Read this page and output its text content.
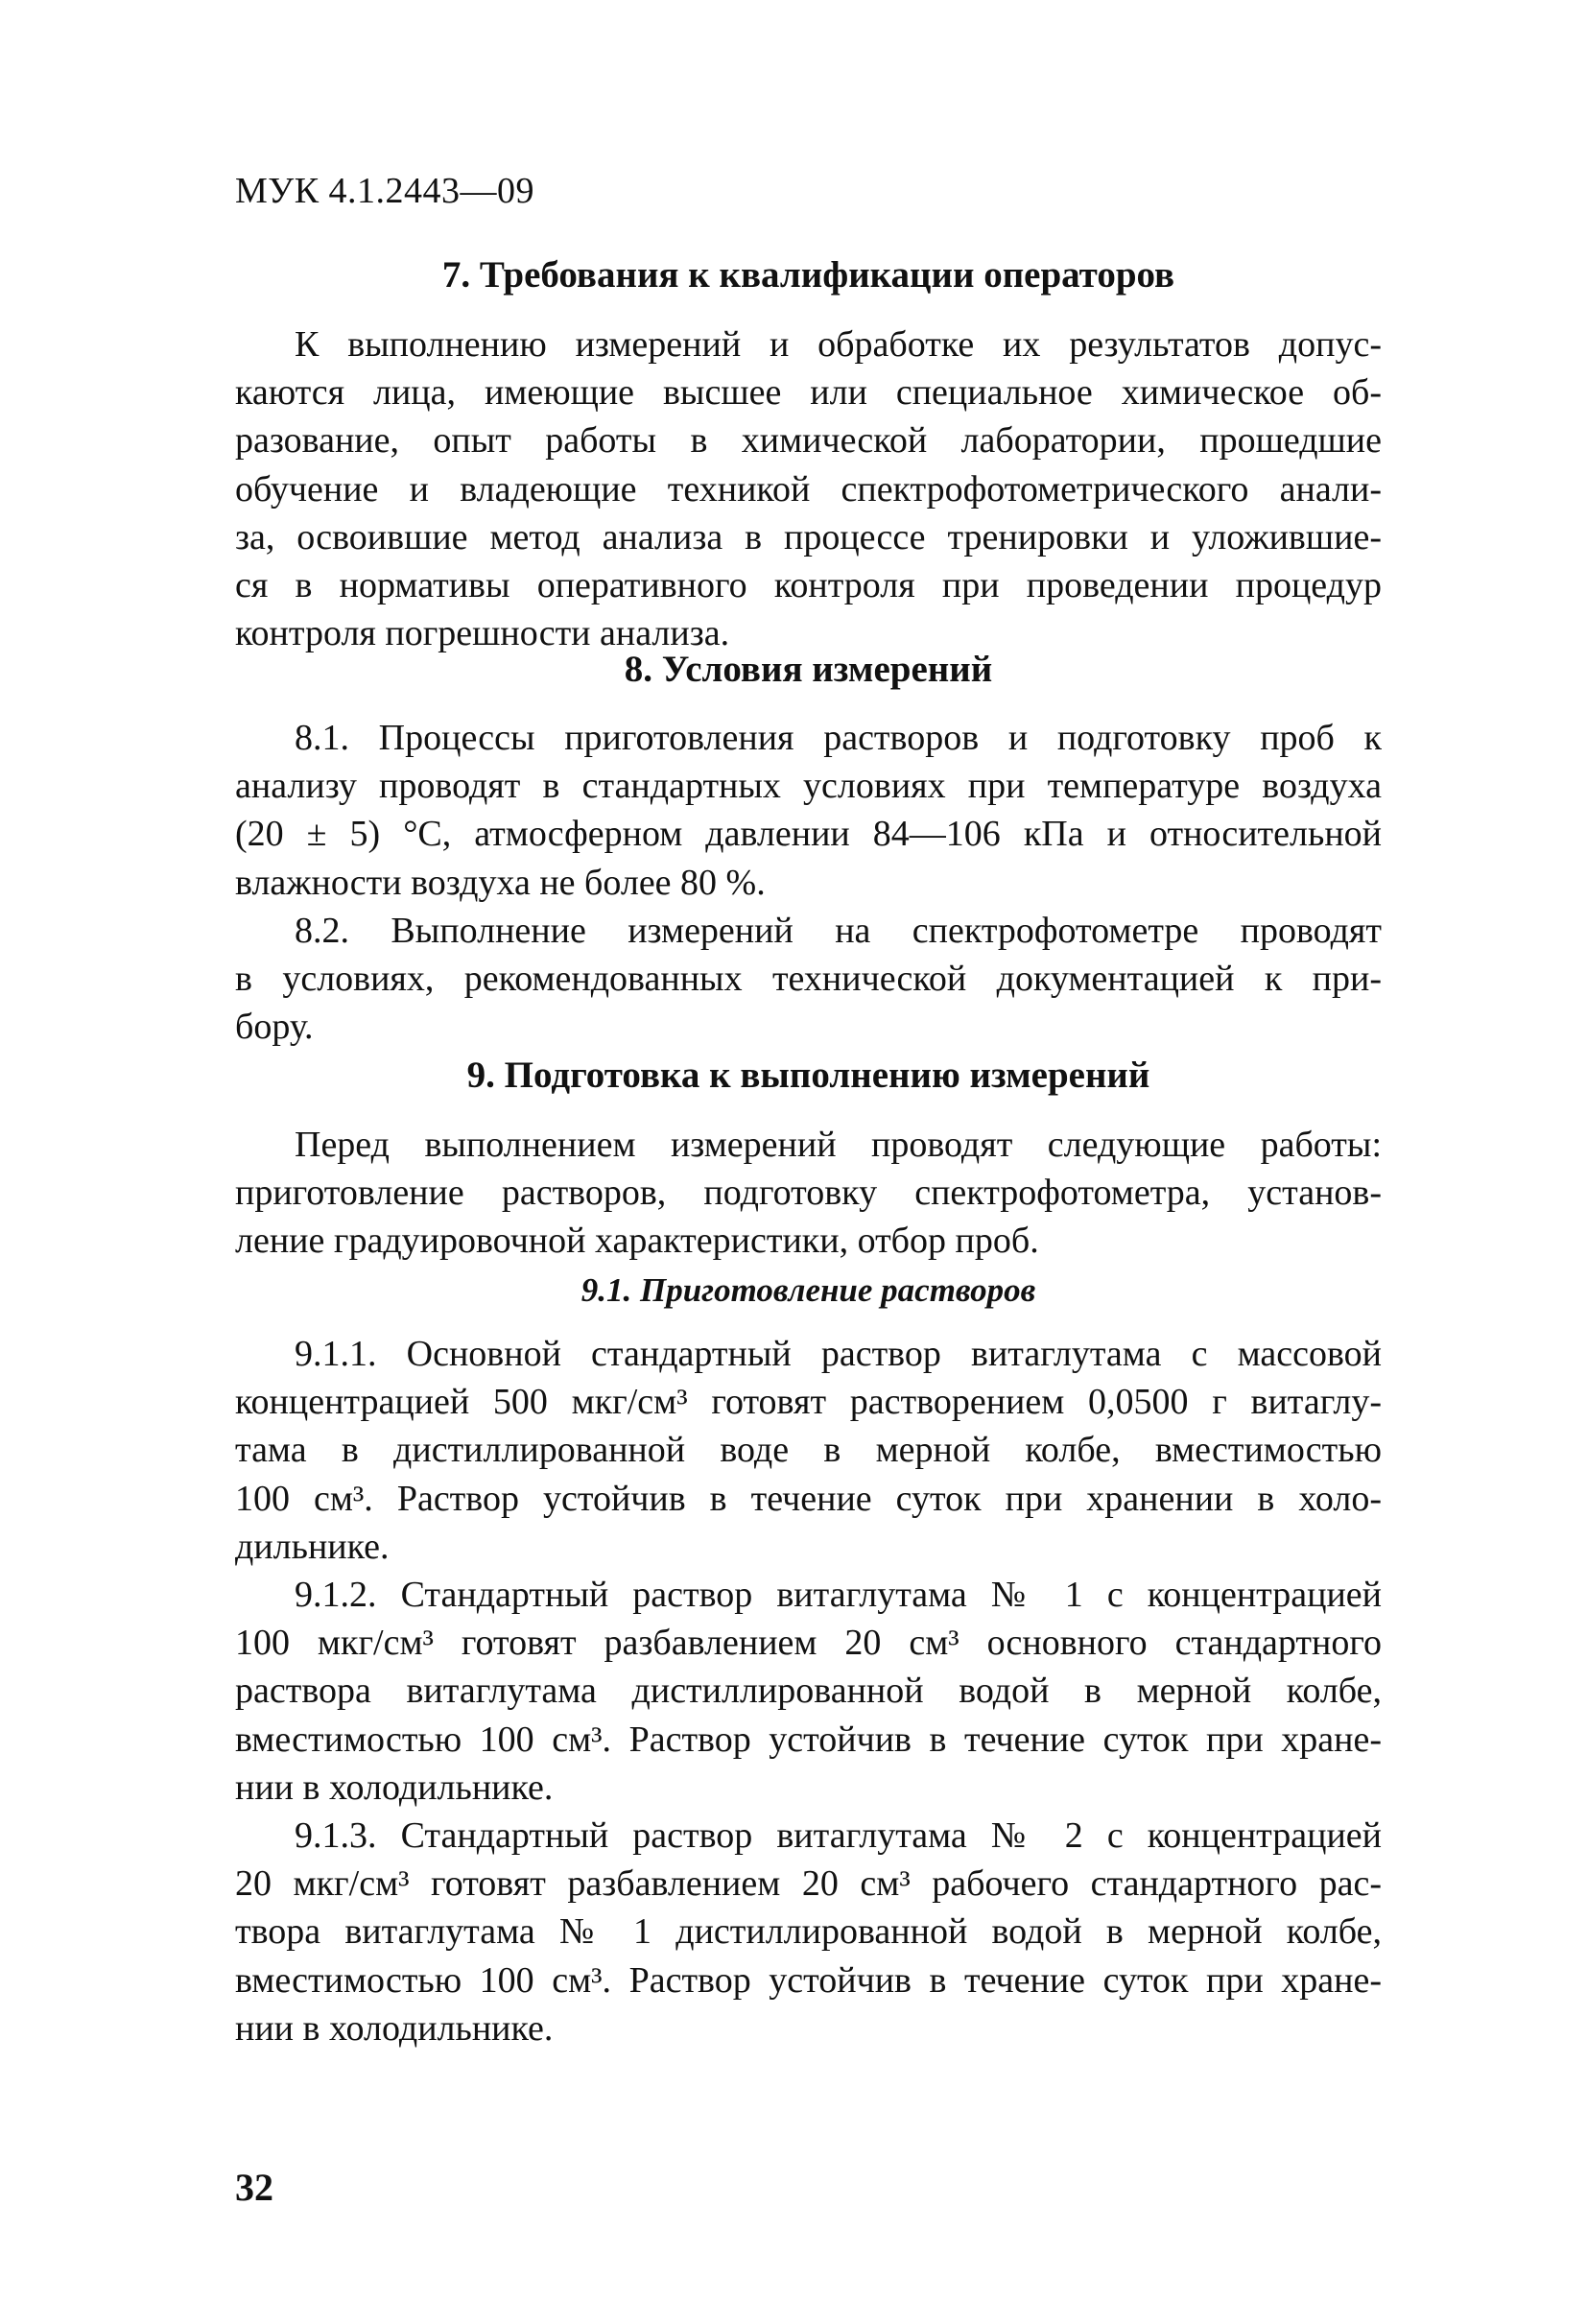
МУК 4.1.2443—09
7. Требования к квалификации операторов
К выполнению измерений и обработке их результатов допус-
каются лица, имеющие высшее или специальное химическое об-
разование, опыт работы в химической лаборатории, прошедшие
обучение и владеющие техникой спектрофотометрического анали-
за, освоившие метод анализа в процессе тренировки и уложившие-
ся в нормативы оперативного контроля при проведении процедур
контроля погрешности анализа.
8. Условия измерений
8.1. Процессы приготовления растворов и подготовку проб к
анализу проводят в стандартных условиях при температуре воздуха
(20 ± 5) °С, атмосферном давлении 84—106 кПа и относительной
влажности воздуха не более 80 %.
8.2. Выполнение измерений на спектрофотометре проводят
в условиях, рекомендованных технической документацией к при-
бору.
9. Подготовка к выполнению измерений
Перед выполнением измерений проводят следующие работы:
приготовление растворов, подготовку спектрофотометра, установ-
ление градуировочной характеристики, отбор проб.
9.1. Приготовление растворов
9.1.1. Основной стандартный раствор витаглутама с массовой
концентрацией 500 мкг/см³ готовят растворением 0,0500 г витаглу-
тама в дистиллированной воде в мерной колбе, вместимостью
100 см³. Раствор устойчив в течение суток при хранении в холо-
дильнике.
9.1.2. Стандартный раствор витаглутама № 1 с концентрацией
100 мкг/см³ готовят разбавлением 20 см³ основного стандартного
раствора витаглутама дистиллированной водой в мерной колбе,
вместимостью 100 см³. Раствор устойчив в течение суток при хране-
нии в холодильнике.
9.1.3. Стандартный раствор витаглутама № 2 с концентрацией
20 мкг/см³ готовят разбавлением 20 см³ рабочего стандартного рас-
твора витаглутама № 1 дистиллированной водой в мерной колбе,
вместимостью 100 см³. Раствор устойчив в течение суток при хране-
нии в холодильнике.
32
